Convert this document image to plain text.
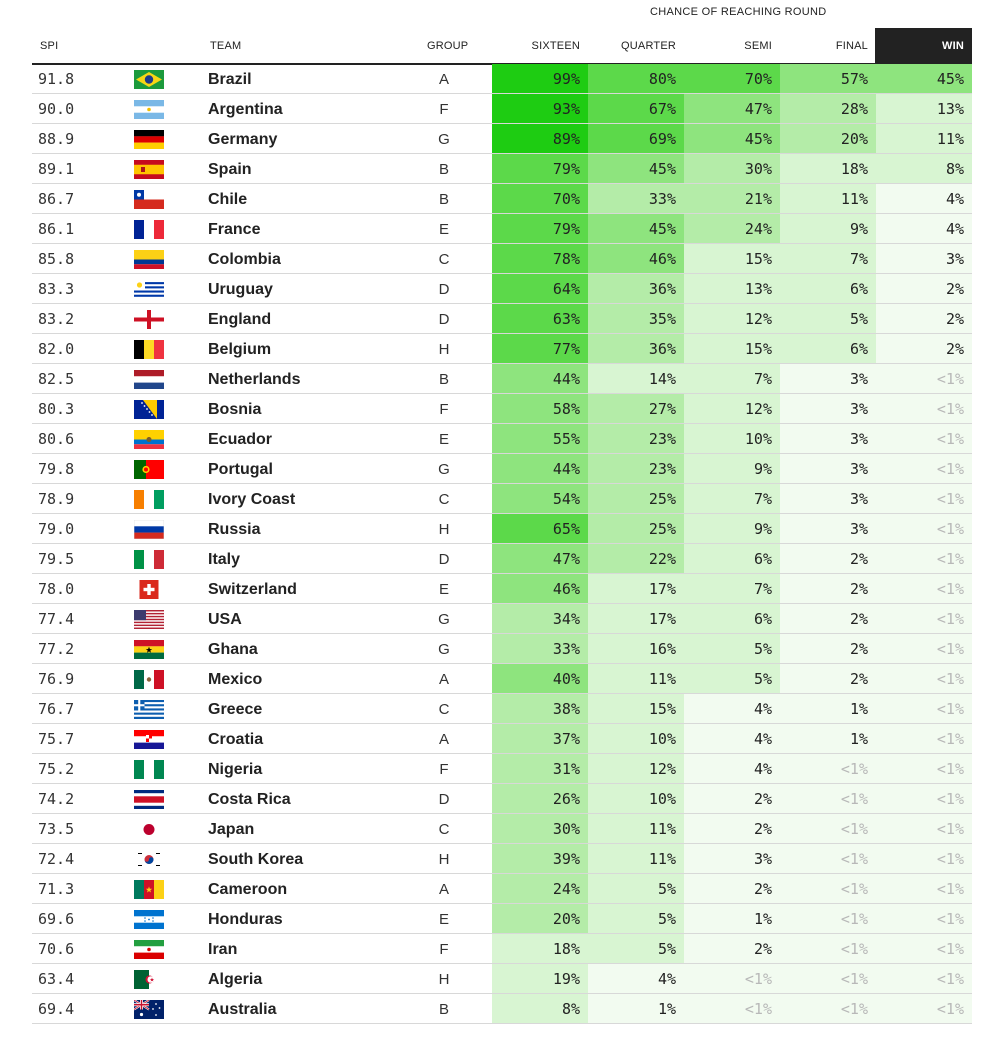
CHANCE OF REACHING ROUND
SPI	TEAM	GROUP	SIXTEEN	QUARTER	SEMI	FINAL	WIN
91.8	Brazil	A	99%	80%	70%	57%	45%
90.0	Argentina	F	93%	67%	47%	28%	13%
88.9	Germany	G	89%	69%	45%	20%	11%
89.1	Spain	B	79%	45%	30%	18%	8%
86.7	Chile	B	70%	33%	21%	11%	4%
86.1	France	E	79%	45%	24%	9%	4%
85.8	Colombia	C	78%	46%	15%	7%	3%
83.3	Uruguay	D	64%	36%	13%	6%	2%
83.2	England	D	63%	35%	12%	5%	2%
82.0	Belgium	H	77%	36%	15%	6%	2%
82.5	Netherlands	B	44%	14%	7%	3%	<1%
80.3	Bosnia	F	58%	27%	12%	3%	<1%
80.6	Ecuador	E	55%	23%	10%	3%	<1%
79.8	Portugal	G	44%	23%	9%	3%	<1%
78.9	Ivory Coast	C	54%	25%	7%	3%	<1%
79.0	Russia	H	65%	25%	9%	3%	<1%
79.5	Italy	D	47%	22%	6%	2%	<1%
78.0	Switzerland	E	46%	17%	7%	2%	<1%
77.4	USA	G	34%	17%	6%	2%	<1%
77.2	Ghana	G	33%	16%	5%	2%	<1%
76.9	Mexico	A	40%	11%	5%	2%	<1%
76.7	Greece	C	38%	15%	4%	1%	<1%
75.7	Croatia	A	37%	10%	4%	1%	<1%
75.2	Nigeria	F	31%	12%	4%	<1%	<1%
74.2	Costa Rica	D	26%	10%	2%	<1%	<1%
73.5	Japan	C	30%	11%	2%	<1%	<1%
72.4	South Korea	H	39%	11%	3%	<1%	<1%
71.3	Cameroon	A	24%	5%	2%	<1%	<1%
69.6	Honduras	E	20%	5%	1%	<1%	<1%
70.6	Iran	F	18%	5%	2%	<1%	<1%
63.4	Algeria	H	19%	4%	<1%	<1%	<1%
69.4	Australia	B	8%	1%	<1%	<1%	<1%
